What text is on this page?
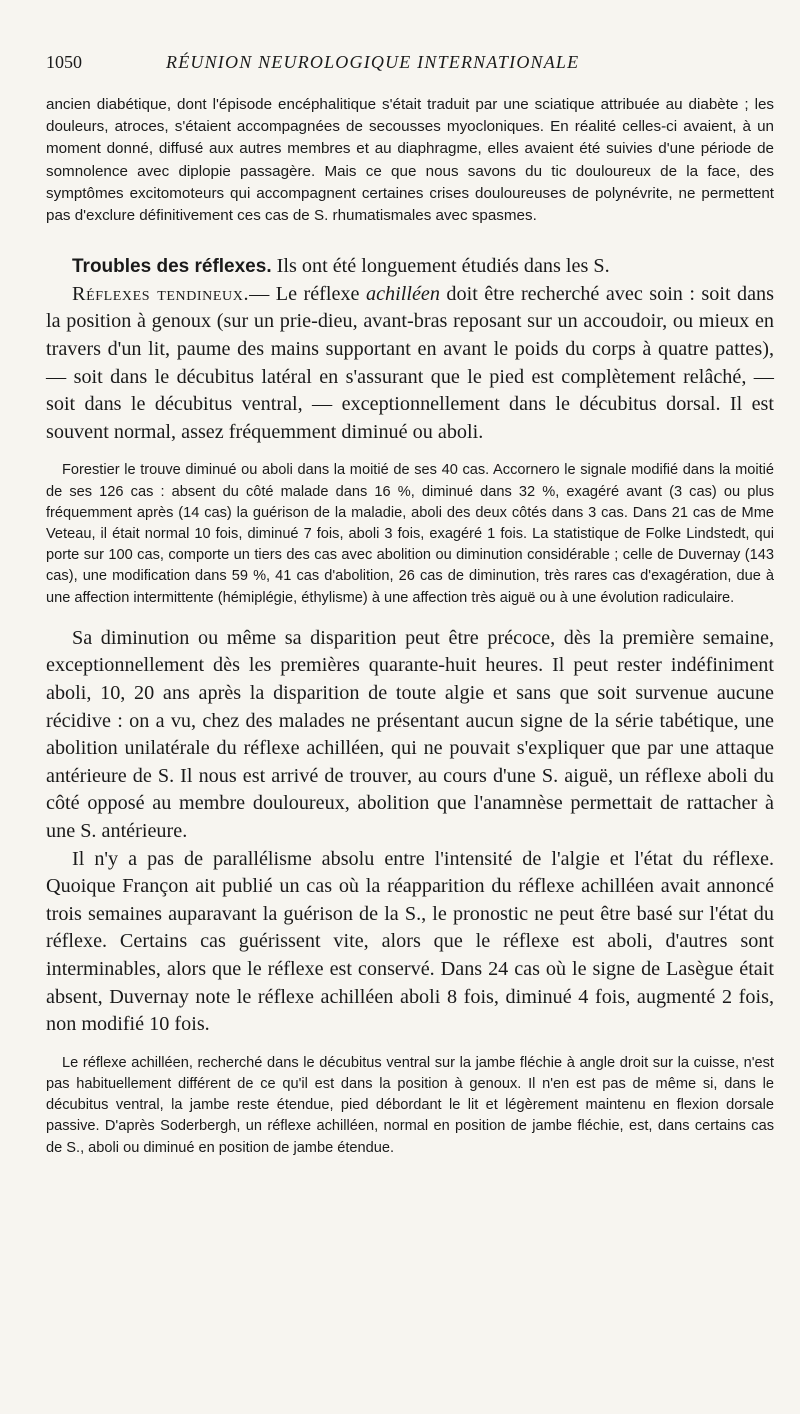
1050	RÉUNION NEUROLOGIQUE INTERNATIONALE

ancien diabétique, dont l'épisode encéphalitique s'était traduit par une sciatique attribuée au diabète ; les douleurs, atroces, s'étaient accompagnées de secousses myocloniques. En réalité celles-ci avaient, à un moment donné, diffusé aux autres membres et au diaphragme, elles avaient été suivies d'une période de somnolence avec diplopie passagère. Mais ce que nous savons du tic douloureux de la face, des symptômes excitomoteurs qui accompagnent certaines crises douloureuses de polynévrite, ne permettent pas d'exclure définitivement ces cas de S. rhumatismales avec spasmes.

Troubles des réflexes. Ils ont été longuement étudiés dans les S.

Réflexes tendineux.— Le réflexe achilléen doit être recherché avec soin : soit dans la position à genoux (sur un prie-dieu, avant-bras reposant sur un accoudoir, ou mieux en travers d'un lit, paume des mains supportant en avant le poids du corps à quatre pattes), — soit dans le décubitus latéral en s'assurant que le pied est complètement relâché, — soit dans le décubitus ventral, — exceptionnellement dans le décubitus dorsal. Il est souvent normal, assez fréquemment diminué ou aboli.

Forestier le trouve diminué ou aboli dans la moitié de ses 40 cas. Accornero le signale modifié dans la moitié de ses 126 cas : absent du côté malade dans 16 %, diminué dans 32 %, exagéré avant (3 cas) ou plus fréquemment après (14 cas) la guérison de la maladie, aboli des deux côtés dans 3 cas. Dans 21 cas de Mme Veteau, il était normal 10 fois, diminué 7 fois, aboli 3 fois, exagéré 1 fois. La statistique de Folke Lindstedt, qui porte sur 100 cas, comporte un tiers des cas avec abolition ou diminution considérable ; celle de Duvernay (143 cas), une modification dans 59 %, 41 cas d'abolition, 26 cas de diminution, très rares cas d'exagération, due à une affection intermittente (hémiplégie, éthylisme) à une affection très aiguë ou à une évolution radiculaire.

Sa diminution ou même sa disparition peut être précoce, dès la première semaine, exceptionnellement dès les premières quarante-huit heures. Il peut rester indéfiniment aboli, 10, 20 ans après la disparition de toute algie et sans que soit survenue aucune récidive : on a vu, chez des malades ne présentant aucun signe de la série tabétique, une abolition unilatérale du réflexe achilléen, qui ne pouvait s'expliquer que par une attaque antérieure de S. Il nous est arrivé de trouver, au cours d'une S. aiguë, un réflexe aboli du côté opposé au membre douloureux, abolition que l'anamnèse permettait de rattacher à une S. antérieure.

Il n'y a pas de parallélisme absolu entre l'intensité de l'algie et l'état du réflexe. Quoique Françon ait publié un cas où la réapparition du réflexe achilléen avait annoncé trois semaines auparavant la guérison de la S., le pronostic ne peut être basé sur l'état du réflexe. Certains cas guérissent vite, alors que le réflexe est aboli, d'autres sont interminables, alors que le réflexe est conservé. Dans 24 cas où le signe de Lasègue était absent, Duvernay note le réflexe achilléen aboli 8 fois, diminué 4 fois, augmenté 2 fois, non modifié 10 fois.

Le réflexe achilléen, recherché dans le décubitus ventral sur la jambe fléchie à angle droit sur la cuisse, n'est pas habituellement différent de ce qu'il est dans la position à genoux. Il n'en est pas de même si, dans le décubitus ventral, la jambe reste étendue, pied débordant le lit et légèrement maintenu en flexion dorsale passive. D'après Soderbergh, un réflexe achilléen, normal en position de jambe fléchie, est, dans certains cas de S., aboli ou diminué en position de jambe étendue.
